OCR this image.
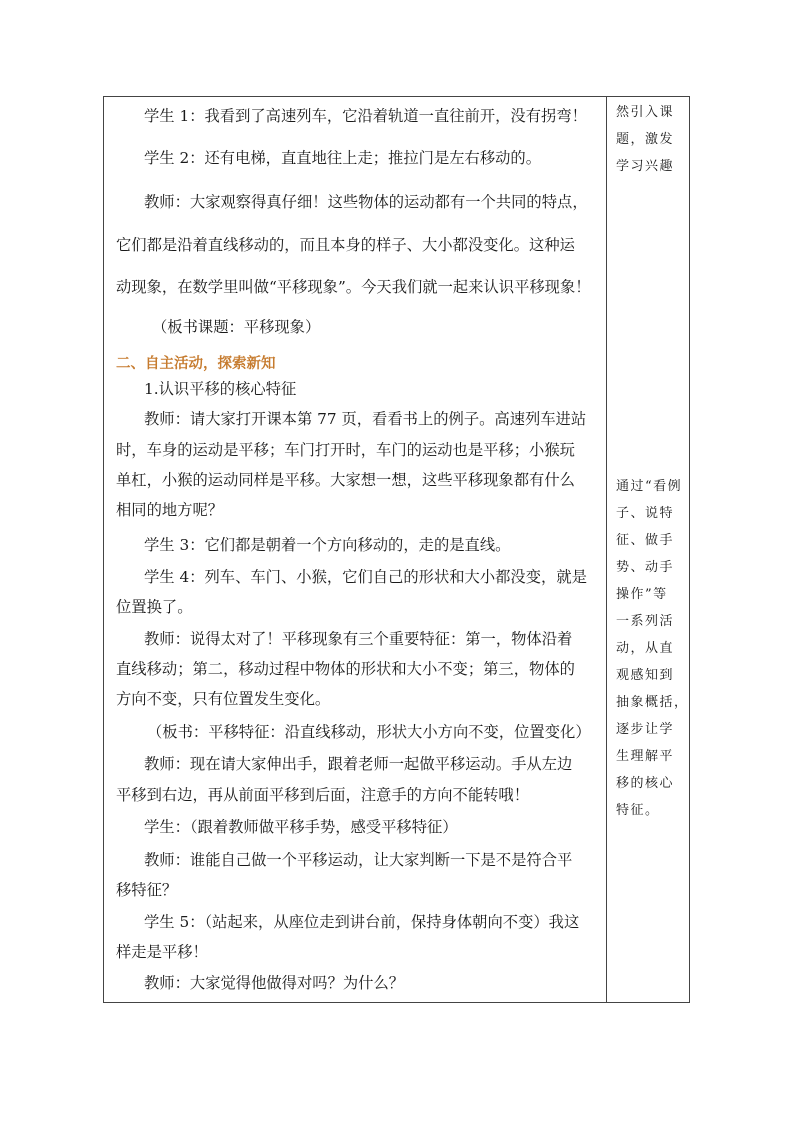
学生 1：我看到了高速列车，它沿着轨道一直往前开，没有拐弯！
学生 2：还有电梯，直直地往上走；推拉门是左右移动的。
教师：大家观察得真仔细！这些物体的运动都有一个共同的特点，
它们都是沿着直线移动的，而且本身的样子、大小都没变化。这种运
动现象，在数学里叫做“平移现象”。今天我们就一起来认识平移现象！
（板书课题：平移现象）
二、自主活动，探索新知
1.认识平移的核心特征
教师：请大家打开课本第 77 页，看看书上的例子。高速列车进站
时，车身的运动是平移；车门打开时，车门的运动也是平移；小猴玩
单杠，小猴的运动同样是平移。大家想一想，这些平移现象都有什么
相同的地方呢？
学生 3：它们都是朝着一个方向移动的，走的是直线。
学生 4：列车、车门、小猴，它们自己的形状和大小都没变，就是
位置换了。
教师：说得太对了！平移现象有三个重要特征：第一，物体沿着
直线移动；第二，移动过程中物体的形状和大小不变；第三，物体的
方向不变，只有位置发生变化。
（板书：平移特征：沿直线移动，形状大小方向不变，位置变化）
教师：现在请大家伸出手，跟着老师一起做平移运动。手从左边
平移到右边，再从前面平移到后面，注意手的方向不能转哦！
学生：（跟着教师做平移手势，感受平移特征）
教师：谁能自己做一个平移运动，让大家判断一下是不是符合平
移特征？
学生 5：（站起来，从座位走到讲台前，保持身体朝向不变）我这
样走是平移！
教师：大家觉得他做得对吗？为什么？
然引入课
题，激发
学习兴趣
通过“看例
子、说特
征、做手
势、动手
操作”等
一系列活
动，从直
观感知到
抽象概括，
逐步让学
生理解平
移的核心
特征。
